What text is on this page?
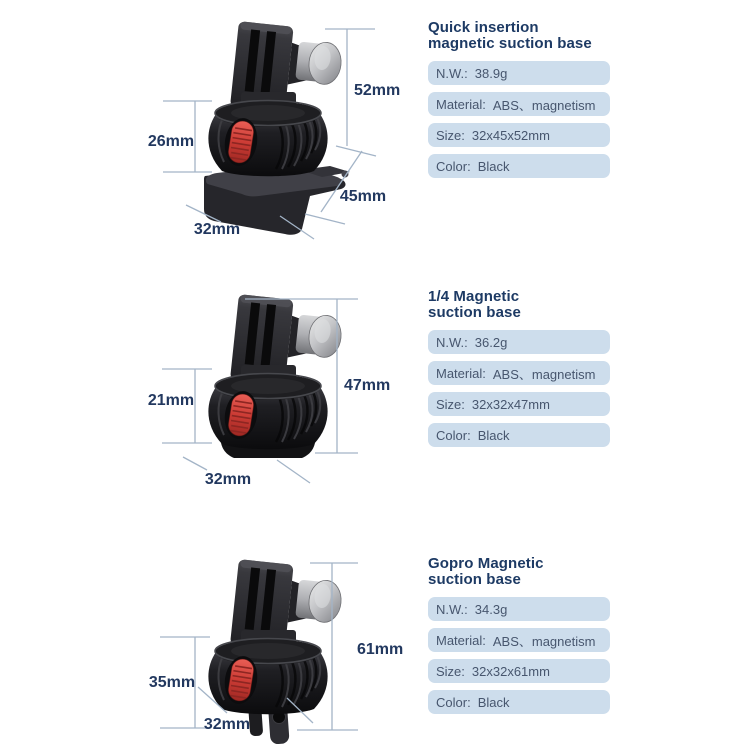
52mm
26mm
45mm
32mm
47mm
21mm
32mm
61mm
35mm
32mm
Quick insertion
magnetic suction base
N.W.: 38.9g
Material: ABS、magnetism
Size: 32x45x52mm
Color: Black
1/4 Magnetic
suction base
N.W.: 36.2g
Material: ABS、magnetism
Size: 32x32x47mm
Color: Black
Gopro Magnetic
suction base
N.W.: 34.3g
Material: ABS、magnetism
Size: 32x32x61mm
Color: Black
